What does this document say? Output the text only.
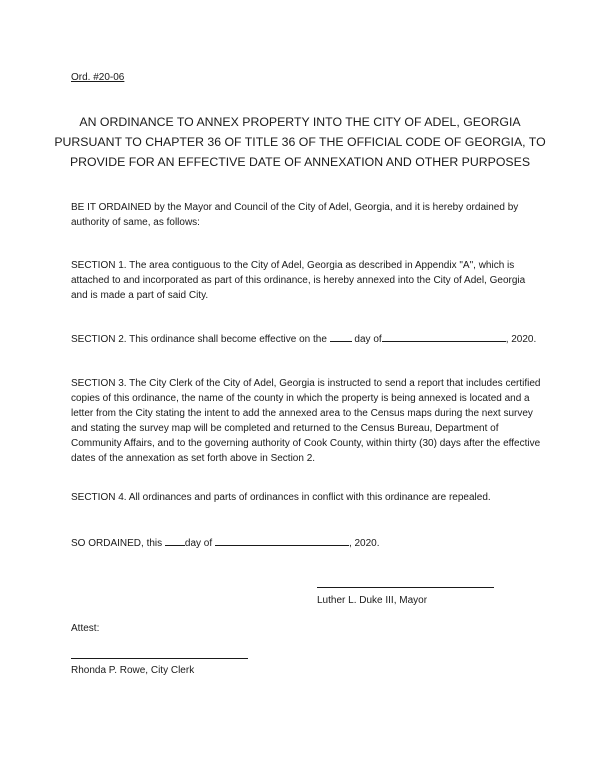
Ord. #20-06
AN ORDINANCE TO ANNEX PROPERTY INTO THE CITY OF ADEL, GEORGIA
PURSUANT TO CHAPTER 36 OF TITLE 36 OF THE OFFICIAL CODE OF GEORGIA, TO
PROVIDE FOR AN EFFECTIVE DATE OF ANNEXATION AND OTHER PURPOSES

BE IT ORDAINED by the Mayor and Council of the City of Adel, Georgia, and it is hereby ordained by authority of same, as follows:

SECTION 1. The area contiguous to the City of Adel, Georgia as described in Appendix "A", which is attached to and incorporated as part of this ordinance, is hereby annexed into the City of Adel, Georgia and is made a part of said City.

SECTION 2. This ordinance shall become effective on the  day of	, 2020.

SECTION 3. The City Clerk of the City of Adel, Georgia is instructed to send a report that includes certified copies of this ordinance, the name of the county in which the property is being annexed is located and a letter from the City stating the intent to add the annexed area to the Census maps during the next survey and stating the survey map will be completed and returned to the Census Bureau, Department of Community Affairs, and to the governing authority of Cook County, within thirty (30) days after the effective dates of the annexation as set forth above in Section 2.

SECTION 4. All ordinances and parts of ordinances in conflict with this ordinance are repealed.

SO ORDAINED, this day of	, 2020.

Luther L. Duke III, Mayor
Attest:
Rhonda P. Rowe, City Clerk
